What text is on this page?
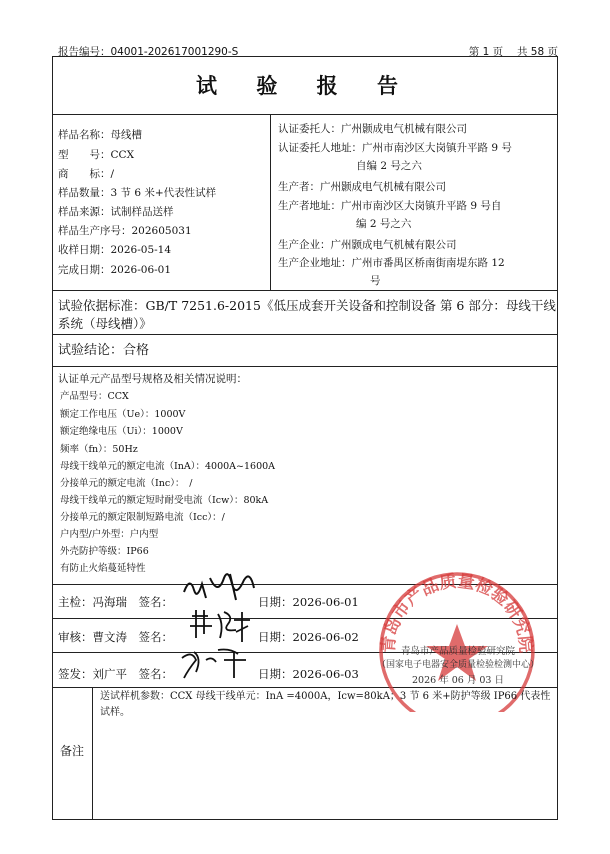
报告编号：04001-202617001290-S	第 1 页　 共 58 页
试 验 报 告
样品名称：母线槽
型　　号：CCX
商　　标：/
样品数量：3 节 6 米+代表性试样
样品来源：试制样品送样
样品生产序号：202605031
收样日期：2026-05-14
完成日期：2026-06-01
认证委托人：广州颢成电气机械有限公司
认证委托人地址：广州市南沙区大岗镇升平路 9 号
自编 2 号之六
生产者：广州颢成电气机械有限公司
生产者地址：广州市南沙区大岗镇升平路 9 号自
编 2 号之六
生产企业：广州颢成电气机械有限公司
生产企业地址：广州市番禺区桥南街南堤东路 12
号
试验依据标准：GB/T 7251.6-2015《低压成套开关设备和控制设备 第 6 部分：母线干线
系统（母线槽）》
试验结论：合格
认证单元产品型号规格及相关情况说明：
产品型号：CCX
额定工作电压（Ue）：1000V
额定绝缘电压（Ui）：1000V
频率（fn）：50Hz
母线干线单元的额定电流（InA）：4000A~1600A
分接单元的额定电流（Inc）：　/
母线干线单元的额定短时耐受电流（Icw）：80kA
分接单元的额定限制短路电流（Icc）：/
户内型/户外型：户内型
外壳防护等级：IP66
有防止火焰蔓延特性
青岛市产品质量检验研究院
主检：冯海瑞　签名：	日期：2026-06-01
审核：曹文涛　签名：	日期：2026-06-02
签发：刘广平　签名：	日期：2026-06-03
青岛市产品质量检验研究院
（国家电子电器安全质量检验检测中心）
2026 年 06 月 03 日
备注
送试样机参数：CCX 母线干线单元：InA =4000A，Icw=80kA；3 节 6 米+防护等级 IP66 代表性
试样。
